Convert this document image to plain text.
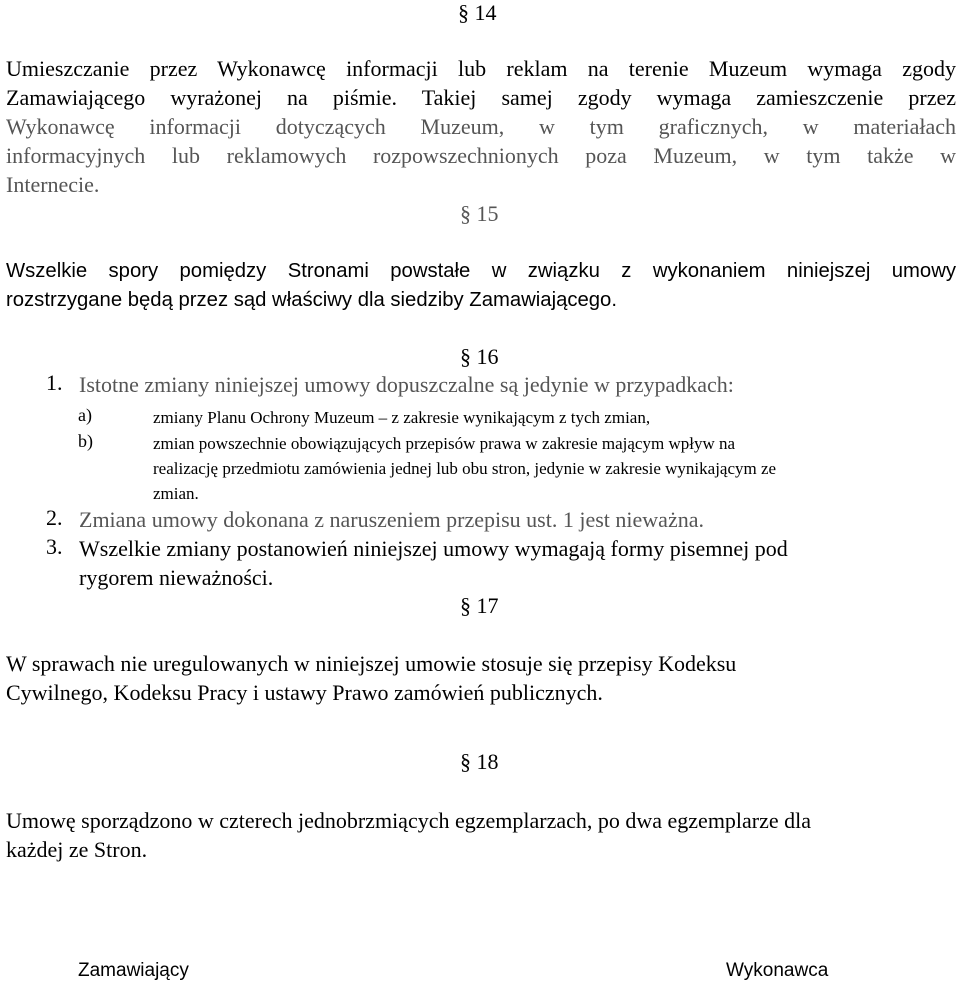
§ 14
Umieszczanie przez Wykonawcę informacji lub reklam na terenie Muzeum wymaga zgody
Zamawiającego wyrażonej na piśmie. Takiej samej zgody wymaga zamieszczenie przez
Wykonawcę informacji dotyczących Muzeum, w tym graficznych, w materiałach
informacyjnych lub reklamowych rozpowszechnionych poza Muzeum, w tym także w
Internecie.
§ 15
Wszelkie spory pomiędzy Stronami powstałe w związku z wykonaniem niniejszej umowy
rozstrzygane będą przez sąd właściwy dla siedziby Zamawiającego.
§ 16
1. Istotne zmiany niniejszej umowy dopuszczalne są jedynie w przypadkach:
a)	zmiany Planu Ochrony Muzeum – z zakresie wynikającym z tych zmian,
b)	zmian powszechnie obowiązujących przepisów prawa w zakresie mającym wpływ na
realizację przedmiotu zamówienia jednej lub obu stron, jedynie w zakresie wynikającym ze
zmian.
2. Zmiana umowy dokonana z naruszeniem przepisu ust. 1 jest nieważna.
3. Wszelkie zmiany postanowień niniejszej umowy wymagają formy pisemnej pod
rygorem nieważności.
§ 17
W sprawach nie uregulowanych w niniejszej umowie stosuje się przepisy Kodeksu
Cywilnego, Kodeksu Pracy i ustawy Prawo zamówień publicznych.
§ 18
Umowę sporządzono w czterech jednobrzmiących egzemplarzach, po dwa egzemplarze dla
każdej ze Stron.
Zamawiający	Wykonawca
